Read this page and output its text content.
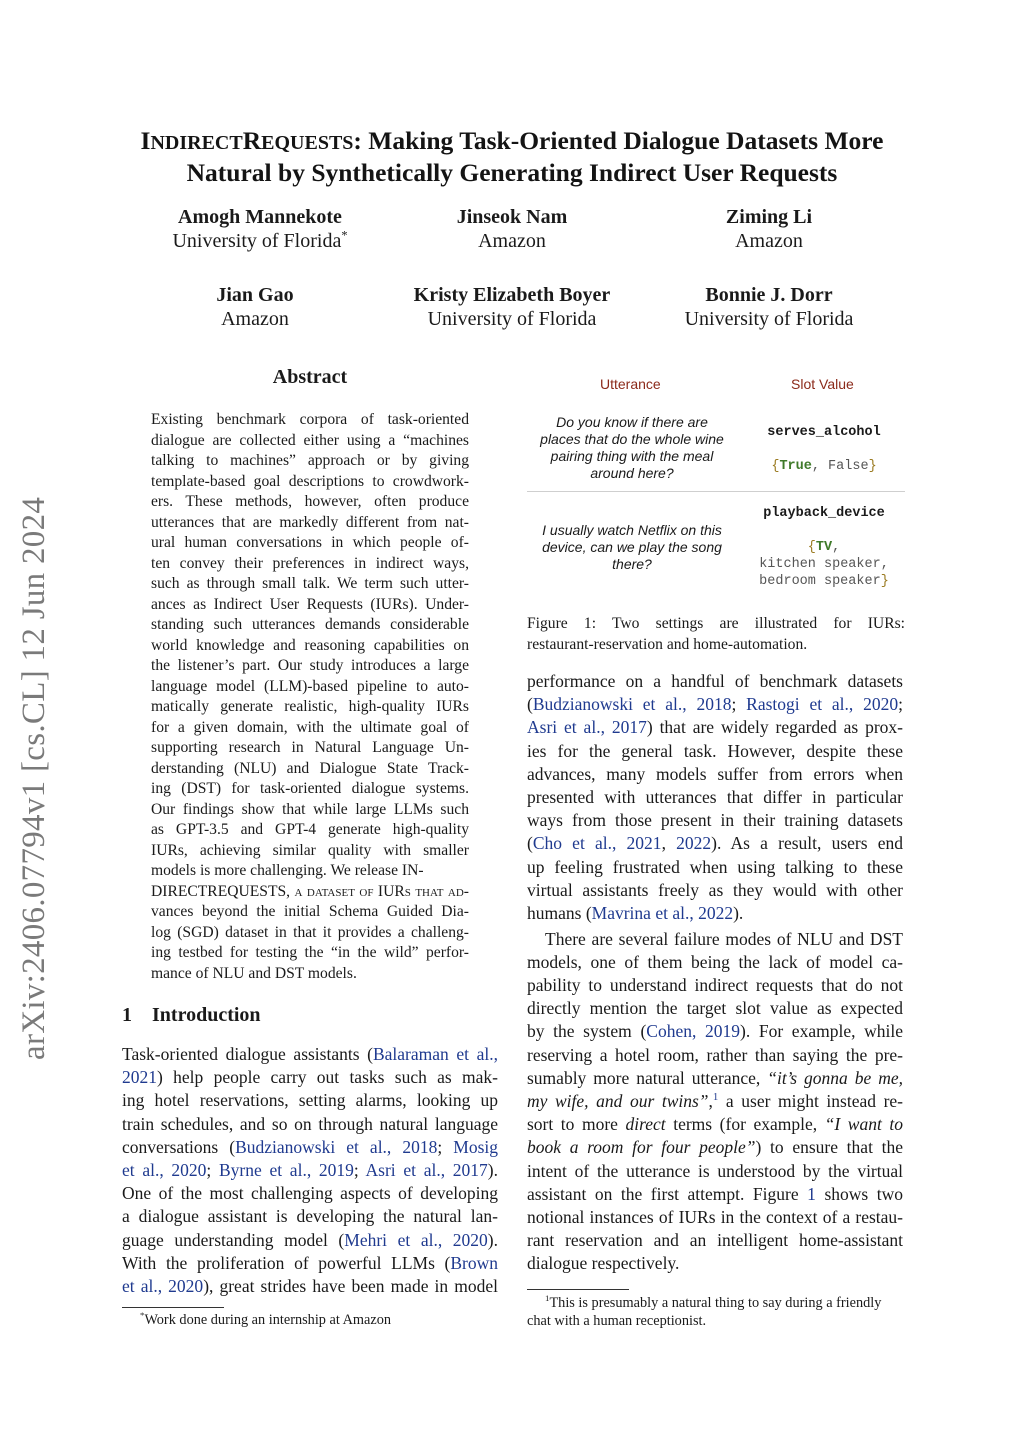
arXiv:2406.07794v1 [cs.CL] 12 Jun 2024
INDIRECTREQUESTS: Making Task-Oriented Dialogue Datasets More
Natural by Synthetically Generating Indirect User Requests
Amogh Mannekote
University of Florida*
Jinseok Nam
Amazon
Ziming Li
Amazon
Jian Gao
Amazon
Kristy Elizabeth Boyer
University of Florida
Bonnie J. Dorr
University of Florida
Abstract
Existing benchmark corpora of task-oriented
dialogue are collected either using a “machines
talking to machines” approach or by giving
template-based goal descriptions to crowdwork-
ers. These methods, however, often produce
utterances that are markedly different from nat-
ural human conversations in which people of-
ten convey their preferences in indirect ways,
such as through small talk. We term such utter-
ances as Indirect User Requests (IURs). Under-
standing such utterances demands considerable
world knowledge and reasoning capabilities on
the listener’s part. Our study introduces a large
language model (LLM)-based pipeline to auto-
matically generate realistic, high-quality IURs
for a given domain, with the ultimate goal of
supporting research in Natural Language Un-
derstanding (NLU) and Dialogue State Track-
ing (DST) for task-oriented dialogue systems.
Our findings show that while large LLMs such
as GPT-3.5 and GPT-4 generate high-quality
IURs, achieving similar quality with smaller
models is more challenging. We release IN-
DIRECTREQUESTS, a dataset of IURs that ad-
vances beyond the initial Schema Guided Dia-
log (SGD) dataset in that it provides a challeng-
ing testbed for testing the “in the wild” perfor-
mance of NLU and DST models.
1 Introduction
Task-oriented dialogue assistants (Balaraman et al.,
2021) help people carry out tasks such as mak-
ing hotel reservations, setting alarms, looking up
train schedules, and so on through natural language
conversations (Budzianowski et al., 2018; Mosig
et al., 2020; Byrne et al., 2019; Asri et al., 2017).
One of the most challenging aspects of developing
a dialogue assistant is developing the natural lan-
guage understanding model (Mehri et al., 2020).
With the proliferation of powerful LLMs (Brown
et al., 2020), great strides have been made in model
*Work done during an internship at Amazon
Utterance	Slot Value
Do you know if there are
places that do the whole wine
pairing thing with the meal
around here?
serves_alcohol
{True, False}
I usually watch Netflix on this
device, can we play the song
there?
playback_device
{TV,
kitchen speaker,
bedroom speaker}
Figure 1: Two settings are illustrated for IURs:
restaurant-reservation and home-automation.
performance on a handful of benchmark datasets
(Budzianowski et al., 2018; Rastogi et al., 2020;
Asri et al., 2017) that are widely regarded as prox-
ies for the general task. However, despite these
advances, many models suffer from errors when
presented with utterances that differ in particular
ways from those present in their training datasets
(Cho et al., 2021, 2022). As a result, users end
up feeling frustrated when using talking to these
virtual assistants freely as they would with other
humans (Mavrina et al., 2022).
There are several failure modes of NLU and DST
models, one of them being the lack of model ca-
pability to understand indirect requests that do not
directly mention the target slot value as expected
by the system (Cohen, 2019). For example, while
reserving a hotel room, rather than saying the pre-
sumably more natural utterance, “it’s gonna be me,
my wife, and our twins”,$^1$ a user might instead re-
sort to more direct terms (for example, “I want to
book a room for four people”) to ensure that the
intent of the utterance is understood by the virtual
assistant on the first attempt. Figure 1 shows two
notional instances of IURs in the context of a restau-
rant reservation and an intelligent home-assistant
dialogue respectively.
$^1$This is presumably a natural thing to say during a friendly
chat with a human receptionist.
